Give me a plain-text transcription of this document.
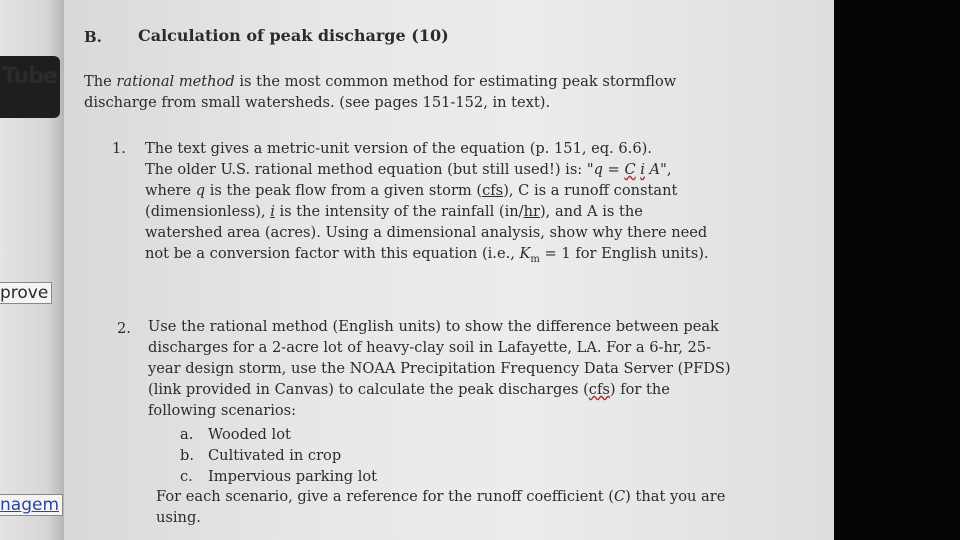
Tube
prove
nagem
B. Calculation of peak discharge (10)
The rational method is the most common method for estimating peak stormflow
discharge from small watersheds. (see pages 151-152, in text).
1. The text gives a metric-unit version of the equation (p. 151, eq. 6.6).
The older U.S. rational method equation (but still used!) is: "q = C i A",
where q is the peak flow from a given storm (cfs), C is a runoff constant
(dimensionless), i is the intensity of the rainfall (in/hr), and A is the
watershed area (acres). Using a dimensional analysis, show why there need
not be a conversion factor with this equation (i.e., $K_m = 1$ for English units).
2. Use the rational method (English units) to show the difference between peak
discharges for a 2-acre lot of heavy-clay soil in Lafayette, LA. For a 6-hr, 25-
year design storm, use the NOAA Precipitation Frequency Data Server (PFDS)
(link provided in Canvas) to calculate the peak discharges (cfs) for the
following scenarios:
a. Wooded lot
b. Cultivated in crop
c. Impervious parking lot
For each scenario, give a reference for the runoff coefficient (C) that you are
using.
